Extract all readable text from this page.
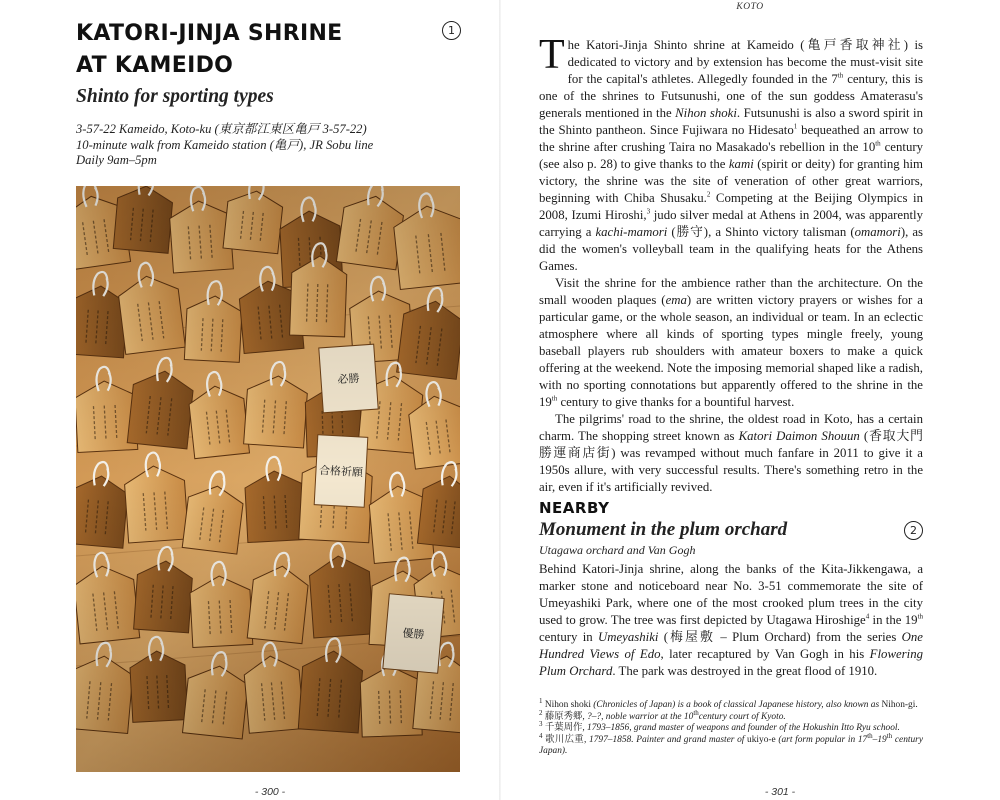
KATORI-JINJA SHRINE
AT KAMEIDO
1
Shinto for sporting types
3-57-22 Kameido, Koto-ku (東京都江東区亀戸 3-57-22)
10-minute walk from Kameido station (亀戸), JR Sobu line
Daily 9am–5pm
- 300 -
KOTO

The Katori-Jinja Shinto shrine at Kameido (亀戸香取神社) is dedicated to victory and by extension has become the must-visit site for the capital's athletes. Allegedly founded in the 7th century, this is one of the shrines to Futsunushi, one of the sun goddess Amaterasu's generals mentioned in the Nihon shoki. Futsunushi is also a sword spirit in the Shinto pantheon. Since Fujiwara no Hidesato$^1$ bequeathed an arrow to the shrine after crushing Taira no Masakado's rebellion in the 10th century (see also p. 28) to give thanks to the kami (spirit or deity) for granting him victory, the shrine was the site of veneration of other great warriors, beginning with Chiba Shusaku.$^2$ Competing at the Beijing Olympics in 2008, Izumi Hiroshi,$^3$ judo silver medal at Athens in 2004, was apparently carrying a kachi-mamori (勝守), a Shinto victory talisman (omamori), as did the women's volleyball team in the qualifying heats for the Athens Games.

Visit the shrine for the ambience rather than the architecture. On the small wooden plaques (ema) are written victory prayers or wishes for a particular game, or the whole season, an individual or team. In an eclectic atmosphere where all kinds of sporting types mingle freely, young baseball players rub shoulders with amateur boxers to make a quick offering at the weekend. Note the imposing memorial shaped like a radish, with no sporting connotations but apparently offered to the shrine in the 19th century to give thanks for a bountiful harvest.

The pilgrims' road to the shrine, the oldest road in Koto, has a certain charm. The shopping street known as Katori Daimon Shouun (香取大門勝運商店街) was revamped without much fanfare in 2011 to give it a 1950s allure, with very successful results. There's something retro in the air, even if it's artificially revived.

NEARBY
Monument in the plum orchard	2
Utagawa orchard and Van Gogh

Behind Katori-Jinja shrine, along the banks of the Kita-Jikkengawa, a marker stone and noticeboard near No. 3-51 commemorate the site of Umeyashiki Park, where one of the most crooked plum trees in the city used to grow. The tree was first depicted by Utagawa Hiroshige$^4$ in the 19th century in Umeyashiki (梅屋敷 – Plum Orchard) from the series One Hundred Views of Edo, later recaptured by Van Gogh in his Flowering Plum Orchard. The park was destroyed in the great flood of 1910.

$^1$ Nihon shoki (Chronicles of Japan) is a book of classical Japanese history, also known as Nihon-gi.
$^2$ 藤原秀郷, ?–?, noble warrior at the 10thcentury court of Kyoto.
$^3$ 千葉周作, 1793–1856, grand master of weapons and founder of the Hokushin Itto Ryu school.
$^4$ 歌川広重, 1797–1858. Painter and grand master of ukiyo-e (art form popular in 17th–19th century Japan).
- 301 -
